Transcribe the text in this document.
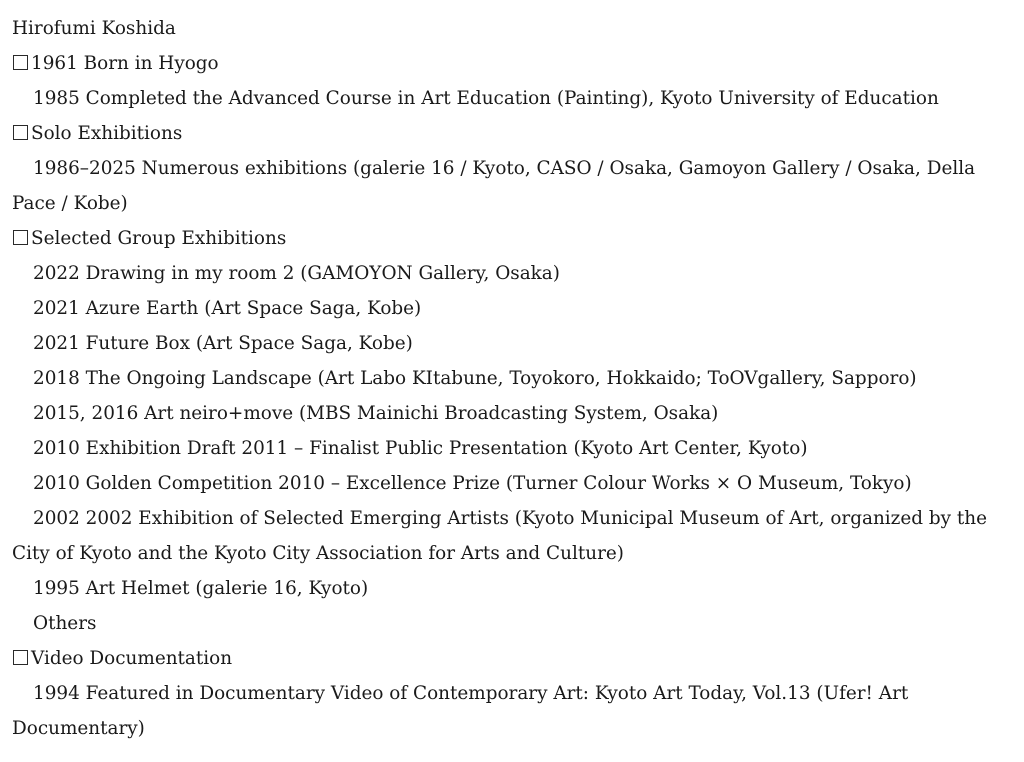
Hirofumi Koshida

1961 Born in Hyogo

1985 Completed the Advanced Course in Art Education (Painting), Kyoto University of Education

Solo Exhibitions

1986–2025 Numerous exhibitions (galerie 16 / Kyoto, CASO / Osaka, Gamoyon Gallery / Osaka, Della Pace / Kobe)

Selected Group Exhibitions

2022 Drawing in my room 2 (GAMOYON Gallery, Osaka)

2021 Azure Earth (Art Space Saga, Kobe)

2021 Future Box (Art Space Saga, Kobe)

2018 The Ongoing Landscape (Art Labo KItabune, Toyokoro, Hokkaido; ToOVgallery, Sapporo)

2015, 2016 Art neiro+move (MBS Mainichi Broadcasting System, Osaka)

2010 Exhibition Draft 2011 – Finalist Public Presentation (Kyoto Art Center, Kyoto)

2010 Golden Competition 2010 – Excellence Prize (Turner Colour Works × O Museum, Tokyo)

2002 2002 Exhibition of Selected Emerging Artists (Kyoto Municipal Museum of Art, organized by the City of Kyoto and the Kyoto City Association for Arts and Culture)

1995 Art Helmet (galerie 16, Kyoto)

Others

Video Documentation

1994 Featured in Documentary Video of Contemporary Art: Kyoto Art Today, Vol.13 (Ufer! Art Documentary)
